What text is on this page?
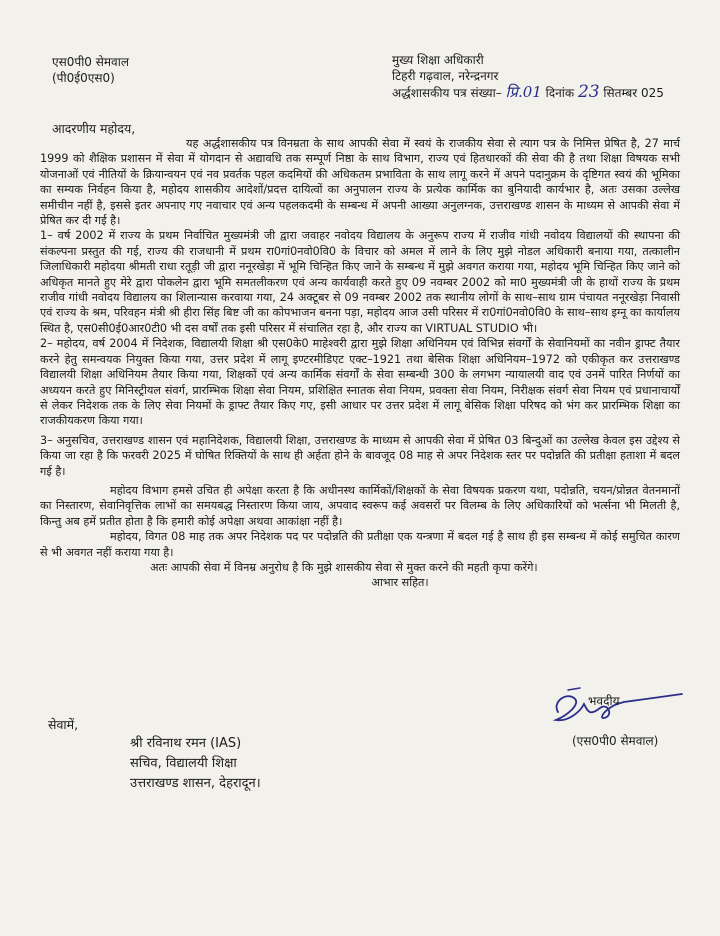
एस0पी0 सेमवाल
(पी0ई0एस0)
मुख्य शिक्षा अधिकारी
टिहरी गढ़वाल, नरेन्द्रनगर
अर्द्धशासकीय पत्र संख्या– प्रि.01 दिनांक 23 सितम्बर 025
आदरणीय महोदय,

यह अर्द्धशासकीय पत्र विनम्रता के साथ आपकी सेवा में स्वयं के राजकीय सेवा से त्याग पत्र के निमित्त प्रेषित है, 27 मार्च 1999 को शैक्षिक प्रशासन में सेवा में योगदान से अद्यावधि तक सम्पूर्ण निष्ठा के साथ विभाग, राज्य एवं हितधारकों की सेवा की है तथा शिक्षा विषयक सभी योजनाओं एवं नीतियों के क्रियान्वयन एवं नव प्रवर्तक पहल कदमियों की अधिकतम प्रभाविता के साथ लागू करने में अपने पदानुक्रम के दृष्टिगत स्वयं की भूमिका का सम्यक निर्वहन किया है, महोदय शासकीय आदेशों/प्रदत्त दायित्वों का अनुपालन राज्य के प्रत्येक कार्मिक का बुनियादी कार्यभार है, अतः उसका उल्लेख समीचीन नहीं है, इससे इतर अपनाए गए नवाचार एवं अन्य पहलकदमी के सम्बन्ध में अपनी आख्या अनुलग्नक, उत्तराखण्ड शासन के माध्यम से आपकी सेवा में प्रेषित कर दी गई है।

1– वर्ष 2002 में राज्य के प्रथम निर्वाचित मुख्यमंत्री जी द्वारा जवाहर नवोदय विद्यालय के अनुरूप राज्य में राजीव गांधी नवोदय विद्यालयों की स्थापना की संकल्पना प्रस्तुत की गई, राज्य की राजधानी में प्रथम रा0गां0नवो0वि0 के विचार को अमल में लाने के लिए मुझे नोडल अधिकारी बनाया गया, तत्कालीन जिलाधिकारी महोदया श्रीमती राधा रतूड़ी जी द्वारा ननूरखेड़ा में भूमि चिन्हित किए जाने के सम्बन्ध में मुझे अवगत कराया गया, महोदय भूमि चिन्हित किए जाने को अधिकृत मानते हुए मेरे द्वारा पोकलेन द्वारा भूमि समतलीकरण एवं अन्य कार्यवाही करते हुए 09 नवम्बर 2002 को मा0 मुख्यमंत्री जी के हाथों राज्य के प्रथम राजीव गांधी नवोदय विद्यालय का शिलान्यास करवाया गया, 24 अक्टूबर से 09 नवम्बर 2002 तक स्थानीय लोगों के साथ–साथ ग्राम पंचायत ननूरखेड़ा निवासी एवं राज्य के श्रम, परिवहन मंत्री श्री हीरा सिंह बिष्ट जी का कोपभाजन बनना पड़ा, महोदय आज उसी परिसर में रा0गां0नवो0वि0 के साथ–साथ इग्नू का कार्यालय स्थित है, एस0सी0ई0आर0टी0 भी दस वर्षों तक इसी परिसर में संचालित रहा है, और राज्य का VIRTUAL STUDIO भी।

2– महोदय, वर्ष 2004 में निदेशक, विद्यालयी शिक्षा श्री एस0के0 माहेश्वरी द्वारा मुझे शिक्षा अधिनियम एवं विभिन्न संवर्गों के सेवानियमों का नवीन ड्राफ्ट तैयार करने हेतु समन्वयक नियुक्त किया गया, उत्तर प्रदेश में लागू इण्टरमीडिएट एक्ट–1921 तथा बेसिक शिक्षा अधिनियम–1972 को एकीकृत कर उत्तराखण्ड विद्यालयी शिक्षा अधिनियम तैयार किया गया, शिक्षकों एवं अन्य कार्मिक संवर्गों के सेवा सम्बन्धी 300 के लगभग न्यायालयी वाद एवं उनमें पारित निर्णयों का अध्ययन करते हुए मिनिस्ट्रीयल संवर्ग, प्रारम्भिक शिक्षा सेवा नियम, प्रशिक्षित स्नातक सेवा नियम, प्रवक्ता सेवा नियम, निरीक्षक संवर्ग सेवा नियम एवं प्रधानाचार्यों से लेकर निदेशक तक के लिए सेवा नियमों के ड्राफ्ट तैयार किए गए, इसी आधार पर उत्तर प्रदेश में लागू बेसिक शिक्षा परिषद को भंग कर प्रारम्भिक शिक्षा का राजकीयकरण किया गया।

3– अनुसचिव, उत्तराखण्ड शासन एवं महानिदेशक, विद्यालयी शिक्षा, उत्तराखण्ड के माध्यम से आपकी सेवा में प्रेषित 03 बिन्दुओं का उल्लेख केवल इस उद्देश्य से किया जा रहा है कि फरवरी 2025 में घोषित रिक्तियों के साथ ही अर्हता होने के बावजूद 08 माह से अपर निदेशक स्तर पर पदोन्नति की प्रतीक्षा हताशा में बदल गई है।

महोदय विभाग हमसे उचित ही अपेक्षा करता है कि अधीनस्थ कार्मिकों/शिक्षकों के सेवा विषयक प्रकरण यथा, पदोन्नति, चयन/प्रोन्नत वेतनमानों का निस्तारण, सेवानिवृत्तिक लाभों का समयबद्ध निस्तारण किया जाय, अपवाद स्वरूप कई अवसरों पर विलम्ब के लिए अधिकारियों को भर्त्सना भी मिलती है, किन्तु अब हमें प्रतीत होता है कि हमारी कोई अपेक्षा अथवा आकांक्षा नहीं है।

महोदय, विगत 08 माह तक अपर निदेशक पद पर पदोन्नति की प्रतीक्षा एक यन्त्रणा में बदल गई है साथ ही इस सम्बन्ध में कोई समुचित कारण से भी अवगत नहीं कराया गया है।

अतः आपकी सेवा में विनम्र अनुरोध है कि मुझे शासकीय सेवा से मुक्त करने की महती कृपा करेंगे।

आभार सहित।

भवदीय
(एस0पी0 सेमवाल)
सेवामें,
श्री रविनाथ रमन (IAS)
सचिव, विद्यालयी शिक्षा
उत्तराखण्ड शासन, देहरादून।
